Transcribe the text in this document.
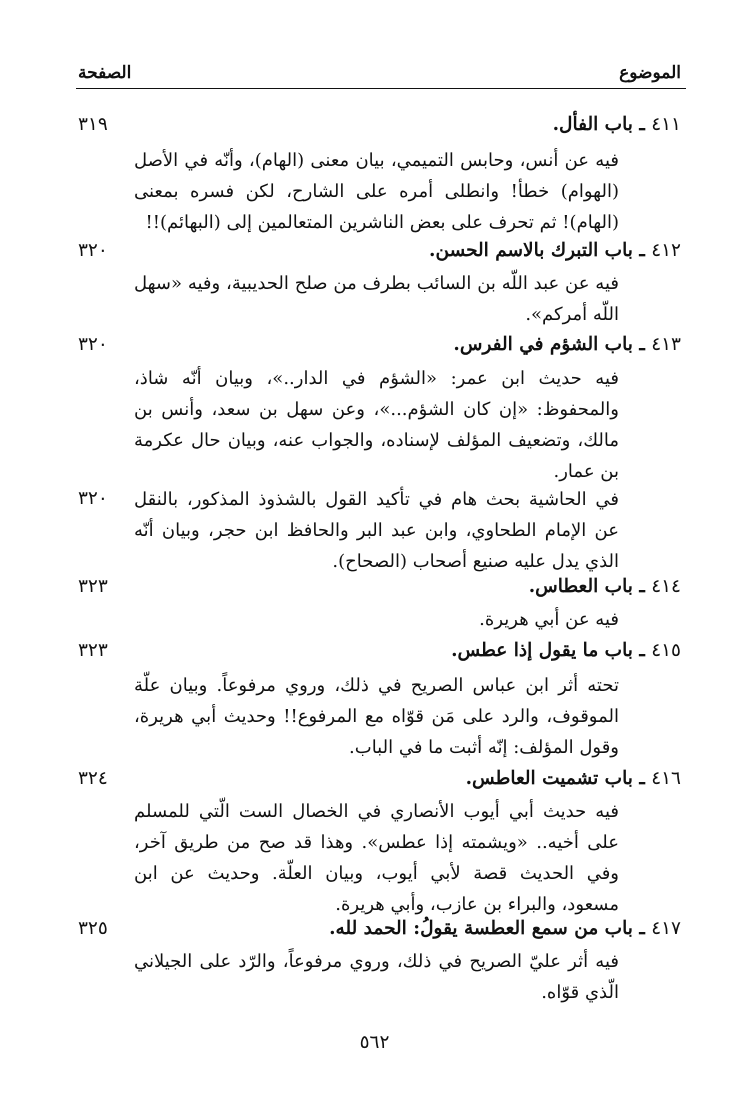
الموضوع
الصفحة
٤١١ ـ باب الفأل.
٣١٩
فيه عن أنس، وحابس التميمي، بيان معنى (الهام)، وأنّه في الأصل (الهوام) خطأ! وانطلى أمره على الشارح، لكن فسره بمعنى (الهام)! ثم تحرف على بعض الناشرين المتعالمين إلى (البهائم)!!
٤١٢ ـ باب التبرك بالاسم الحسن.
٣٢٠
فيه عن عبد اللّه بن السائب بطرف من صلح الحديبية، وفيه «سهل اللّه أمركم».
٤١٣ ـ باب الشؤم في الفرس.
٣٢٠
فيه حديث ابن عمر: «الشؤم في الدار..»، وبيان أنّه شاذ، والمحفوظ: «إن كان الشؤم...»، وعن سهل بن سعد، وأنس بن مالك، وتضعيف المؤلف لإسناده، والجواب عنه، وبيان حال عكرمة بن عمار.
٣٢٠ في الحاشية بحث هام في تأكيد القول بالشذوذ المذكور، بالنقل عن الإمام الطحاوي، وابن عبد البر والحافظ ابن حجر، وبيان أنّه الذي يدل عليه صنيع أصحاب (الصحاح).
٤١٤ ـ باب العطاس.
٣٢٣
فيه عن أبي هريرة.
٤١٥ ـ باب ما يقول إذا عطس.
٣٢٣
تحته أثر ابن عباس الصريح في ذلك، وروي مرفوعاً. وبيان علّة الموقوف، والرد على مَن قوّاه مع المرفوع!! وحديث أبي هريرة، وقول المؤلف: إنّه أثبت ما في الباب.
٤١٦ ـ باب تشميت العاطس.
٣٢٤
فيه حديث أبي أيوب الأنصاري في الخصال الست الّتي للمسلم على أخيه.. «ويشمته إذا عطس». وهذا قد صح من طريق آخر، وفي الحديث قصة لأبي أيوب، وبيان العلّة. وحديث عن ابن مسعود، والبراء بن عازب، وأبي هريرة.
٤١٧ ـ باب من سمع العطسة يقولُ: الحمد لله.
٣٢٥
فيه أثر عليّ الصريح في ذلك، وروي مرفوعاً، والرّد على الجيلاني الّذي قوّاه.
٥٦٢
